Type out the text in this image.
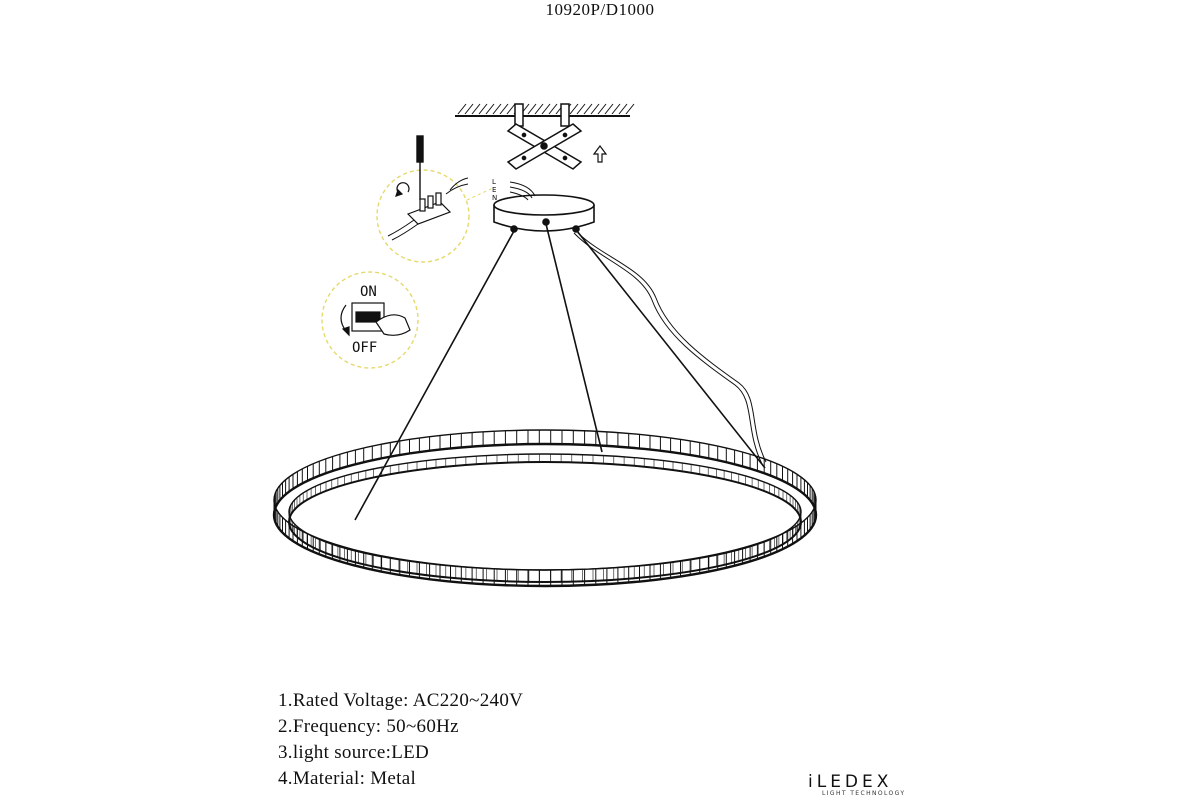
10920P/D1000
L
E
N
ON
OFF
1.Rated Voltage: AC220~240V
2.Frequency: 50~60Hz
3.light source:LED
4.Material: Metal	iLEDEX
LIGHT TECHNOLOGY
